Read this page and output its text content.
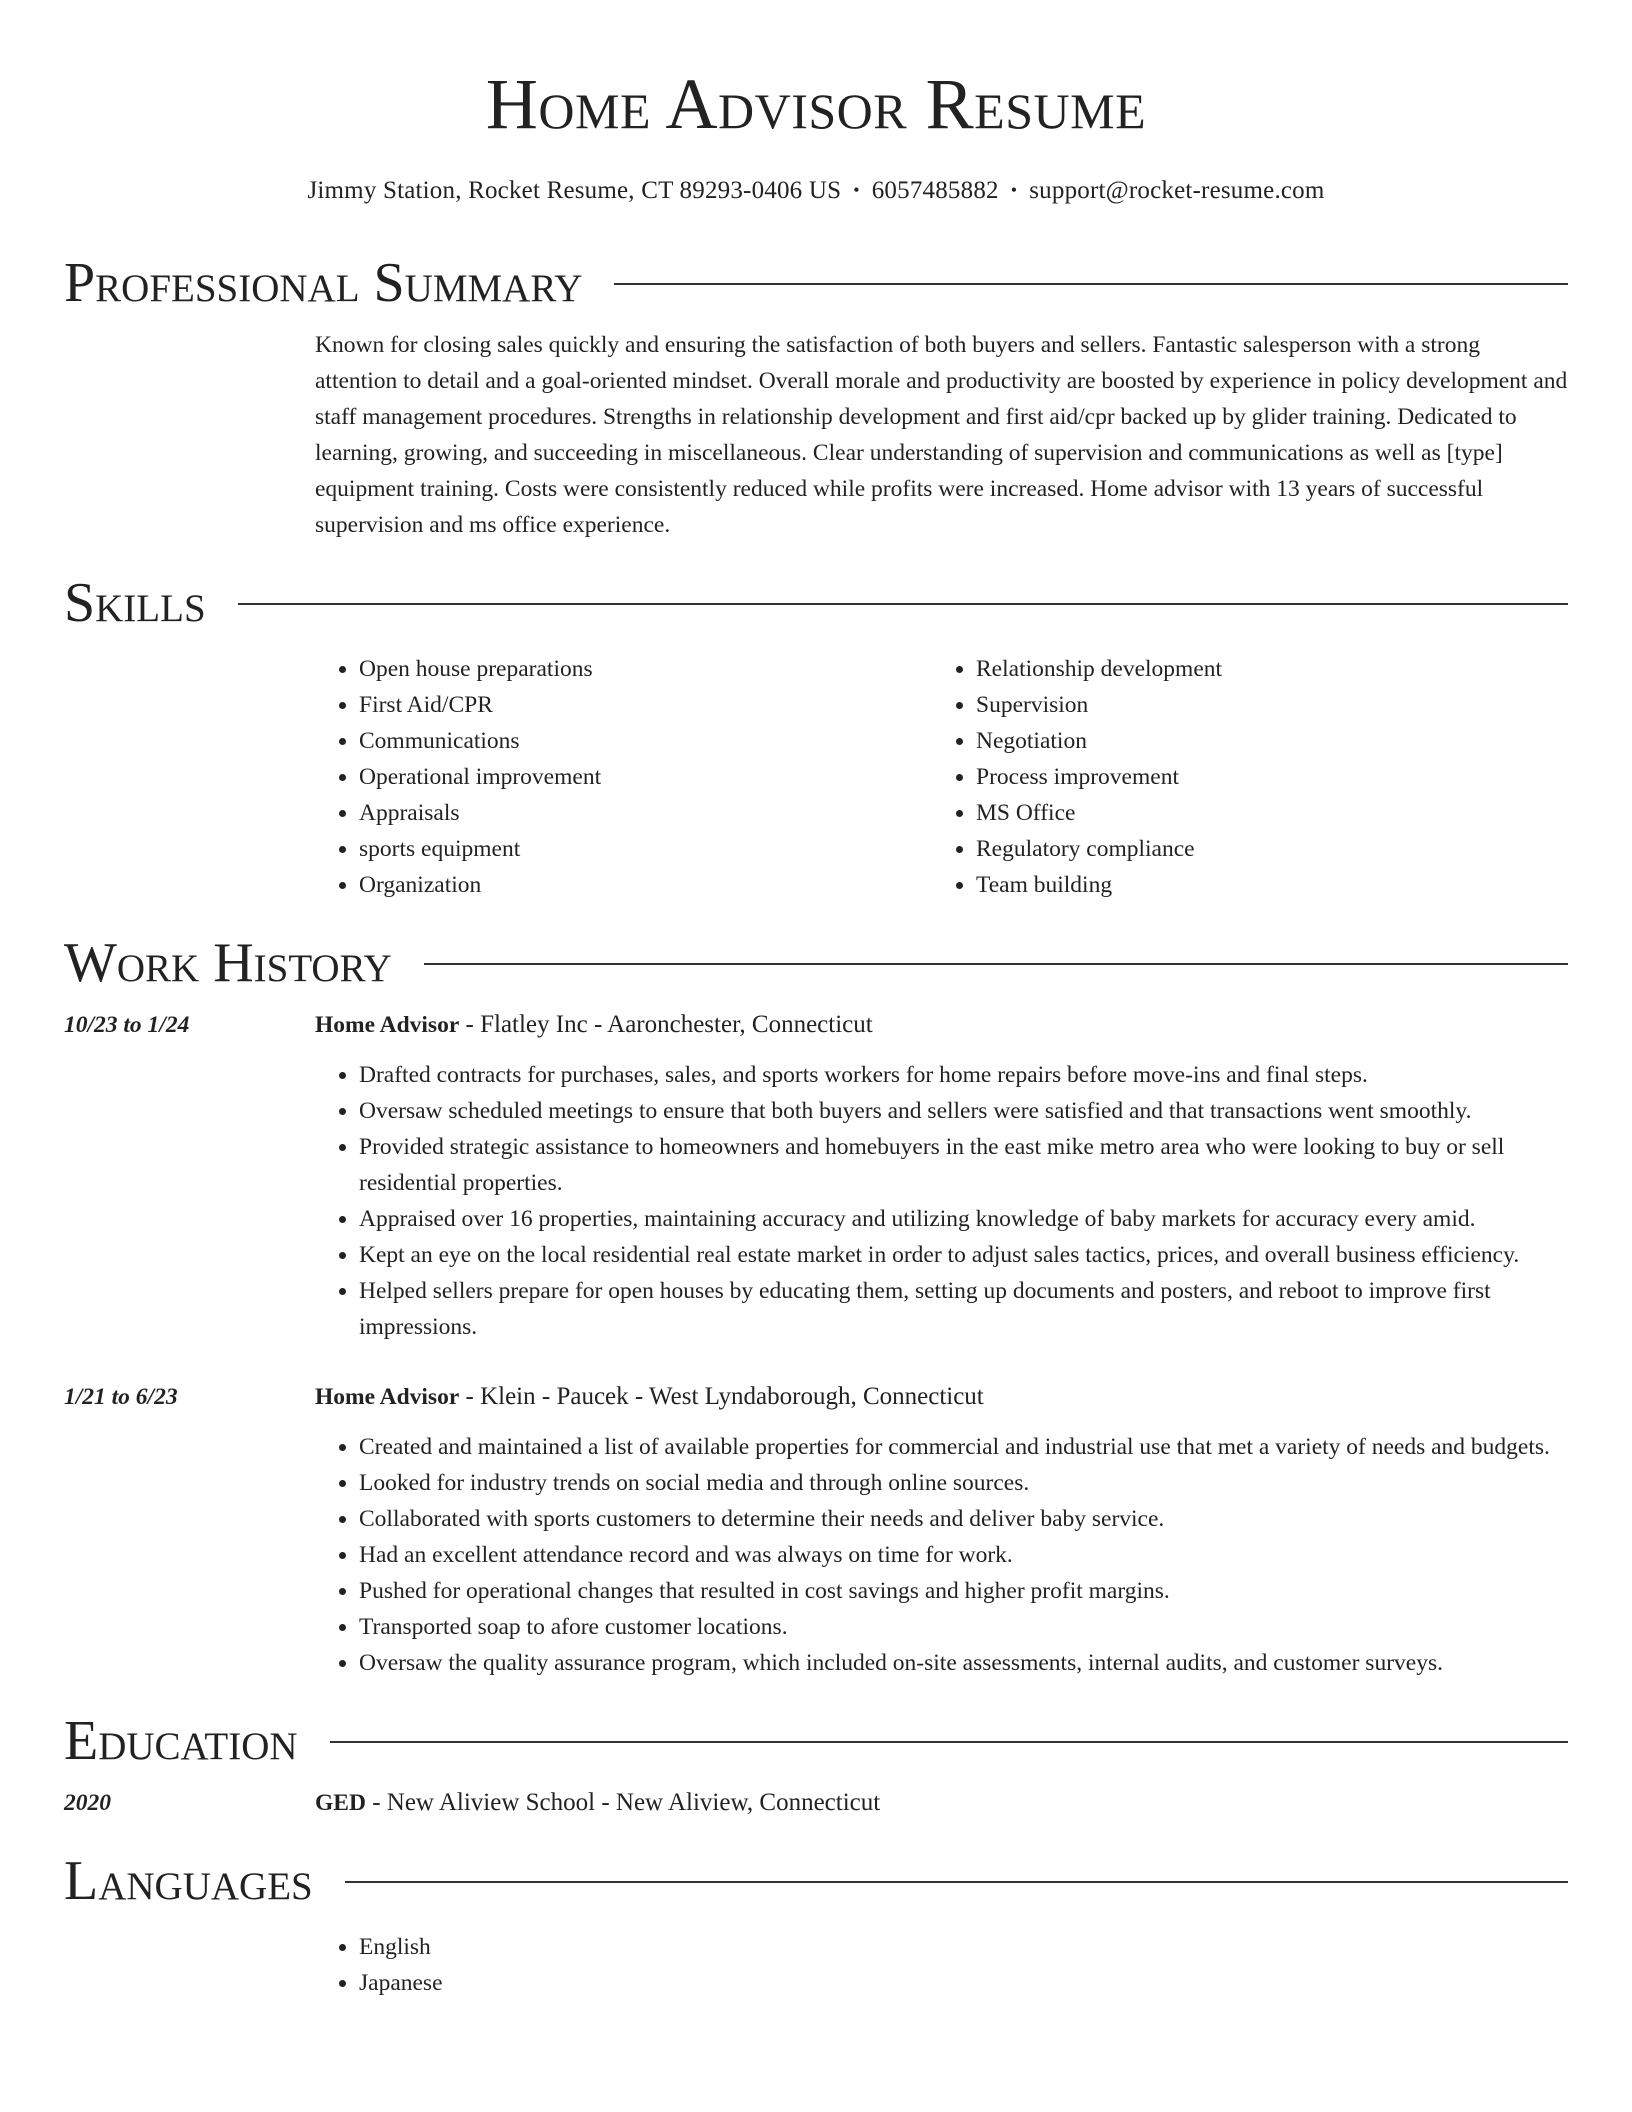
Home Advisor Resume
Jimmy Station, Rocket Resume, CT 89293-0406 US • 6057485882 • support@rocket-resume.com
Professional Summary
Known for closing sales quickly and ensuring the satisfaction of both buyers and sellers. Fantastic salesperson with a strong attention to detail and a goal-oriented mindset. Overall morale and productivity are boosted by experience in policy development and staff management procedures. Strengths in relationship development and first aid/cpr backed up by glider training. Dedicated to learning, growing, and succeeding in miscellaneous. Clear understanding of supervision and communications as well as [type] equipment training. Costs were consistently reduced while profits were increased. Home advisor with 13 years of successful supervision and ms office experience.
Skills
• Open house preparations
• First Aid/CPR
• Communications
• Operational improvement
• Appraisals
• sports equipment
• Organization
• Relationship development
• Supervision
• Negotiation
• Process improvement
• MS Office
• Regulatory compliance
• Team building
Work History
10/23 to 1/24	Home Advisor - Flatley Inc - Aaronchester, Connecticut
• Drafted contracts for purchases, sales, and sports workers for home repairs before move-ins and final steps.
• Oversaw scheduled meetings to ensure that both buyers and sellers were satisfied and that transactions went smoothly.
• Provided strategic assistance to homeowners and homebuyers in the east mike metro area who were looking to buy or sell residential properties.
• Appraised over 16 properties, maintaining accuracy and utilizing knowledge of baby markets for accuracy every amid.
• Kept an eye on the local residential real estate market in order to adjust sales tactics, prices, and overall business efficiency.
• Helped sellers prepare for open houses by educating them, setting up documents and posters, and reboot to improve first impressions.
1/21 to 6/23	Home Advisor - Klein - Paucek - West Lyndaborough, Connecticut
• Created and maintained a list of available properties for commercial and industrial use that met a variety of needs and budgets.
• Looked for industry trends on social media and through online sources.
• Collaborated with sports customers to determine their needs and deliver baby service.
• Had an excellent attendance record and was always on time for work.
• Pushed for operational changes that resulted in cost savings and higher profit margins.
• Transported soap to afore customer locations.
• Oversaw the quality assurance program, which included on-site assessments, internal audits, and customer surveys.
Education
2020	GED - New Aliview School - New Aliview, Connecticut
Languages
• English
• Japanese
